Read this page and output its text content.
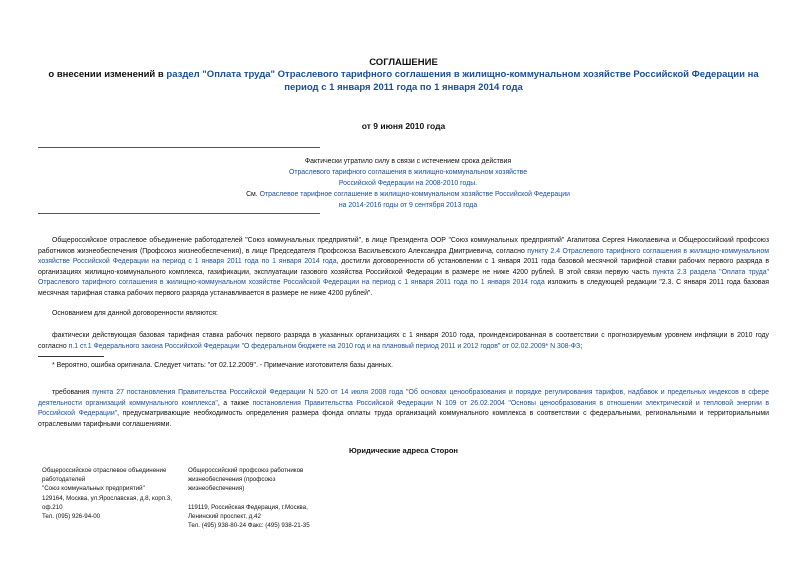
СОГЛАШЕНИЕ
о внесении изменений в раздел "Оплата труда" Отраслевого тарифного соглашения в жилищно-коммунальном хозяйстве Российской Федерации на период с 1 января 2011 года по 1 января 2014 года
от 9 июня 2010 года
Фактически утратило силу в связи с истечением срока действия
Отраслевого тарифного соглашения в жилищно-коммунальном хозяйстве
Российской Федерации на 2008-2010 годы.
См. Отраслевое тарифное соглашение в жилищно-коммунальном хозяйстве Российской Федерации
на 2014-2016 годы от 9 сентября 2013 года

Общероссийское отраслевое объединение работодателей "Союз коммунальных предприятий", в лице Президента ООР "Союз коммунальных предприятий" Агапитова Сергея Николаевича и Общероссийский профсоюз работников жизнеобеспечения (Профсоюз жизнеобеспечения), в лице Председателя Профсоюза Васильевского Александра Дмитриевича, согласно пункту 2.4 Отраслевого тарифного соглашения в жилищно-коммунальном хозяйстве Российской Федерации на период с 1 января 2011 года по 1 января 2014 года, достигли договоренности об установлении с 1 января 2011 года базовой месячной тарифной ставки рабочих первого разряда в организациях жилищно-коммунального комплекса, газификации, эксплуатации газового хозяйства Российской Федерации в размере не ниже 4200 рублей. В этой связи первую часть пункта 2.3 раздела "Оплата труда" Отраслевого тарифного соглашения в жилищно-коммунальном хозяйстве Российской Федерации на период с 1 января 2011 года по 1 января 2014 года изложить в следующей редакции "2.3. С января 2011 года базовая месячная тарифная ставка рабочих первого разряда устанавливается в размере не ниже 4200 рублей".

Основанием для данной договоренности являются:

фактически действующая базовая тарифная ставка рабочих первого разряда в указанных организациях с 1 января 2010 года, проиндексированная в соответствии с прогнозируемым уровнем инфляции в 2010 году согласно п.1 ст.1 Федерального закона Российской Федерации "О федеральном бюджете на 2010 год и на плановый период 2011 и 2012 годов" от 02.02.2009* N 308-ФЗ;

* Вероятно, ошибка оригинала. Следует читать: "от 02.12.2009". - Примечание изготовителя базы данных.

требования пункта 27 постановления Правительства Российской Федерации N 520 от 14 июля 2008 года "Об основах ценообразования и порядке регулирования тарифов, надбавок и предельных индексов в сфере деятельности организаций коммунального комплекса", а также постановления Правительства Российской Федерации N 109 от 26.02.2004 "Основы ценообразования в отношении электрической и тепловой энергии в Российской Федерации", предусматривающие необходимость определения размера фонда оплаты труда организаций коммунального комплекса в соответствии с федеральными, региональными и территориальными отраслевыми тарифными соглашениями.

Юридические адреса Сторон
Общероссийское отраслевое объединение
работодателей
"Союз коммунальных предприятий"
129164, Москва, ул.Ярославская, д.8, корп.3,
оф.210
Тел. (095) 926-94-00
Общероссийский профсоюз работников
жизнеобеспечения (профсоюз
жизнеобеспечения)
119119, Российская Федерация, г.Москва,
Ленинский проспект, д.42
Тел. (495) 938-80-24 Факс: (495) 938-21-35
